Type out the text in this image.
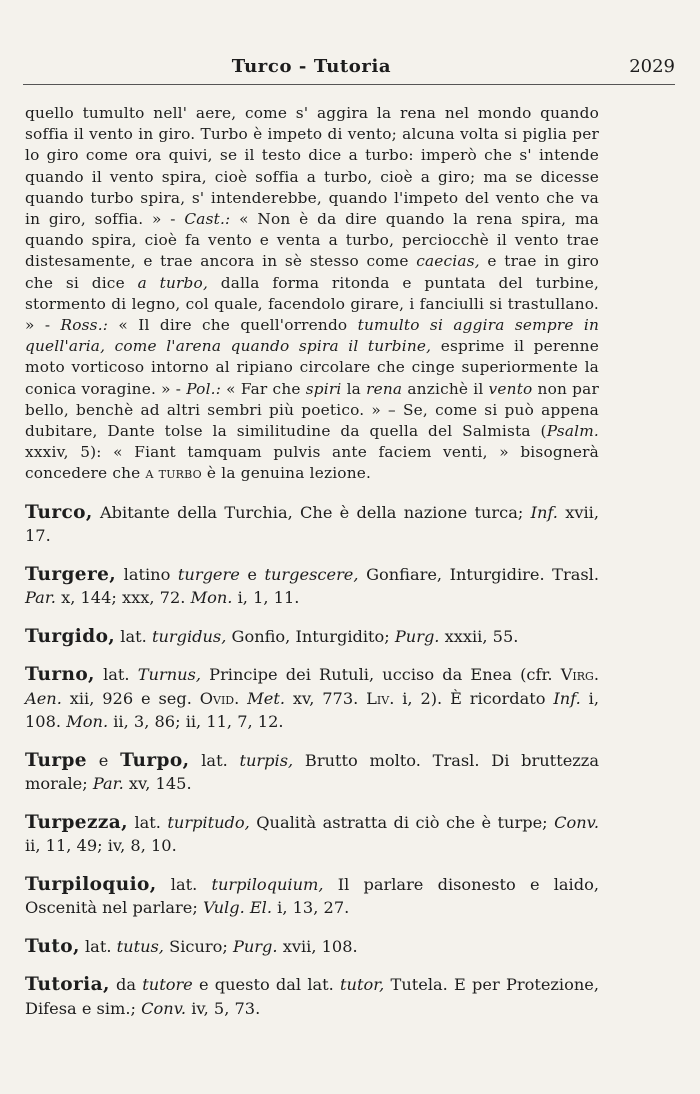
Turco - Tutoria	2029

quello tumulto nell' aere, come s' aggira la rena nel mondo quando soffia il vento in giro. Turbo è impeto di vento; alcuna volta si piglia per lo giro come ora quivi, se il testo dice a turbo: imperò che s' intende quando il vento spira, cioè soffia a turbo, cioè a giro; ma se dicesse quando turbo spira, s' intenderebbe, quando l'impeto del vento che va in giro, soffia. » - Cast.: « Non è da dire quando la rena spira, ma quando spira, cioè fa vento e venta a turbo, perciocchè il vento trae distesamente, e trae ancora in sè stesso come caecias, e trae in giro che si dice a turbo, dalla forma ritonda e puntata del turbine, stormento di legno, col quale, facendolo girare, i fanciulli si trastullano. » - Ross.: « Il dire che quell'orrendo tumulto si aggira sempre in quell'aria, come l'arena quando spira il turbine, esprime il perenne moto vorticoso intorno al ripiano circolare che cinge superiormente la conica voragine. » - Pol.: « Far che spiri la rena anzichè il vento non par bello, benchè ad altri sembri più poetico. » – Se, come si può appena dubitare, Dante tolse la similitudine da quella del Salmista (Psalm. xxxiv, 5): « Fiant tamquam pulvis ante faciem venti, » bisognerà concedere che a turbo è la genuina lezione.

Turco, Abitante della Turchia, Che è della nazione turca; Inf. xvii, 17.

Turgere, latino turgere e turgescere, Gonfiare, Inturgidire. Trasl. Par. x, 144; xxx, 72. Mon. i, 1, 11.

Turgido, lat. turgidus, Gonfio, Inturgidito; Purg. xxxii, 55.

Turno, lat. Turnus, Principe dei Rutuli, ucciso da Enea (cfr. Virg. Aen. xii, 926 e seg. Ovid. Met. xv, 773. Liv. i, 2). È ricordato Inf. i, 108. Mon. ii, 3, 86; ii, 11, 7, 12.

Turpe e Turpo, lat. turpis, Brutto molto. Trasl. Di bruttezza morale; Par. xv, 145.

Turpezza, lat. turpitudo, Qualità astratta di ciò che è turpe; Conv. ii, 11, 49; iv, 8, 10.

Turpiloquio, lat. turpiloquium, Il parlare disonesto e laido, Oscenità nel parlare; Vulg. El. i, 13, 27.

Tuto, lat. tutus, Sicuro; Purg. xvii, 108.

Tutoria, da tutore e questo dal lat. tutor, Tutela. E per Protezione, Difesa e sim.; Conv. iv, 5, 73.
